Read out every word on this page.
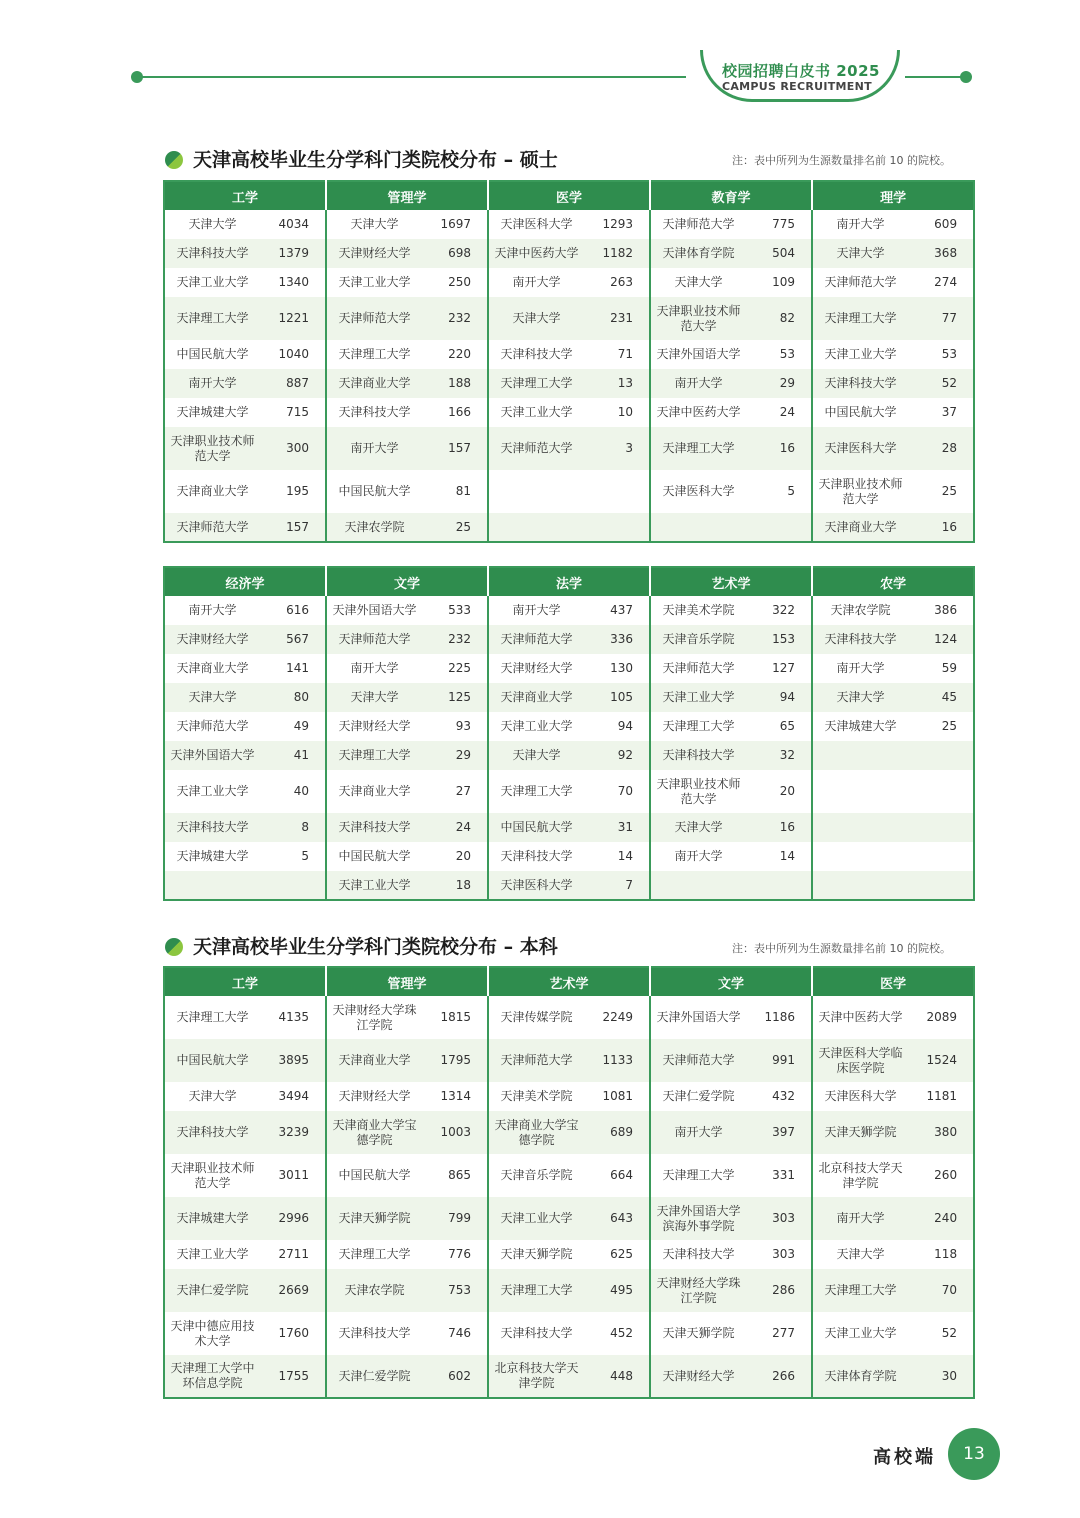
校园招聘白皮书 2025
CAMPUS RECRUITMENT
天津高校毕业生分学科门类院校分布 – 硕士	注：表中所列为生源数量排名前 10 的院校。
工学		管理学		医学		教育学		理学	
天津大学	4034	天津大学	1697	天津医科大学	1293	天津师范大学	775	南开大学	609
天津科技大学	1379	天津财经大学	698	天津中医药大学	1182	天津体育学院	504	天津大学	368
天津工业大学	1340	天津工业大学	250	南开大学	263	天津大学	109	天津师范大学	274
天津理工大学	1221	天津师范大学	232	天津大学	231	天津职业技术师范大学	82	天津理工大学	77
中国民航大学	1040	天津理工大学	220	天津科技大学	71	天津外国语大学	53	天津工业大学	53
南开大学	887	天津商业大学	188	天津理工大学	13	南开大学	29	天津科技大学	52
天津城建大学	715	天津科技大学	166	天津工业大学	10	天津中医药大学	24	中国民航大学	37
天津职业技术师范大学	300	南开大学	157	天津师范大学	3	天津理工大学	16	天津医科大学	28
天津商业大学	195	中国民航大学	81			天津医科大学	5	天津职业技术师范大学	25
天津师范大学	157	天津农学院	25					天津商业大学	16
经济学		文学		法学		艺术学		农学	
南开大学	616	天津外国语大学	533	南开大学	437	天津美术学院	322	天津农学院	386
天津财经大学	567	天津师范大学	232	天津师范大学	336	天津音乐学院	153	天津科技大学	124
天津商业大学	141	南开大学	225	天津财经大学	130	天津师范大学	127	南开大学	59
天津大学	80	天津大学	125	天津商业大学	105	天津工业大学	94	天津大学	45
天津师范大学	49	天津财经大学	93	天津工业大学	94	天津理工大学	65	天津城建大学	25
天津外国语大学	41	天津理工大学	29	天津大学	92	天津科技大学	32		
天津工业大学	40	天津商业大学	27	天津理工大学	70	天津职业技术师范大学	20		
天津科技大学	8	天津科技大学	24	中国民航大学	31	天津大学	16		
天津城建大学	5	中国民航大学	20	天津科技大学	14	南开大学	14		
		天津工业大学	18	天津医科大学	7				
天津高校毕业生分学科门类院校分布 – 本科	注：表中所列为生源数量排名前 10 的院校。
工学		管理学		艺术学		文学		医学	
天津理工大学	4135	天津财经大学珠江学院	1815	天津传媒学院	2249	天津外国语大学	1186	天津中医药大学	2089
中国民航大学	3895	天津商业大学	1795	天津师范大学	1133	天津师范大学	991	天津医科大学临床医学院	1524
天津大学	3494	天津财经大学	1314	天津美术学院	1081	天津仁爱学院	432	天津医科大学	1181
天津科技大学	3239	天津商业大学宝德学院	1003	天津商业大学宝德学院	689	南开大学	397	天津天狮学院	380
天津职业技术师范大学	3011	中国民航大学	865	天津音乐学院	664	天津理工大学	331	北京科技大学天津学院	260
天津城建大学	2996	天津天狮学院	799	天津工业大学	643	天津外国语大学滨海外事学院	303	南开大学	240
天津工业大学	2711	天津理工大学	776	天津天狮学院	625	天津科技大学	303	天津大学	118
天津仁爱学院	2669	天津农学院	753	天津理工大学	495	天津财经大学珠江学院	286	天津理工大学	70
天津中德应用技术大学	1760	天津科技大学	746	天津科技大学	452	天津天狮学院	277	天津工业大学	52
天津理工大学中环信息学院	1755	天津仁爱学院	602	北京科技大学天津学院	448	天津财经大学	266	天津体育学院	30
高校端	13
